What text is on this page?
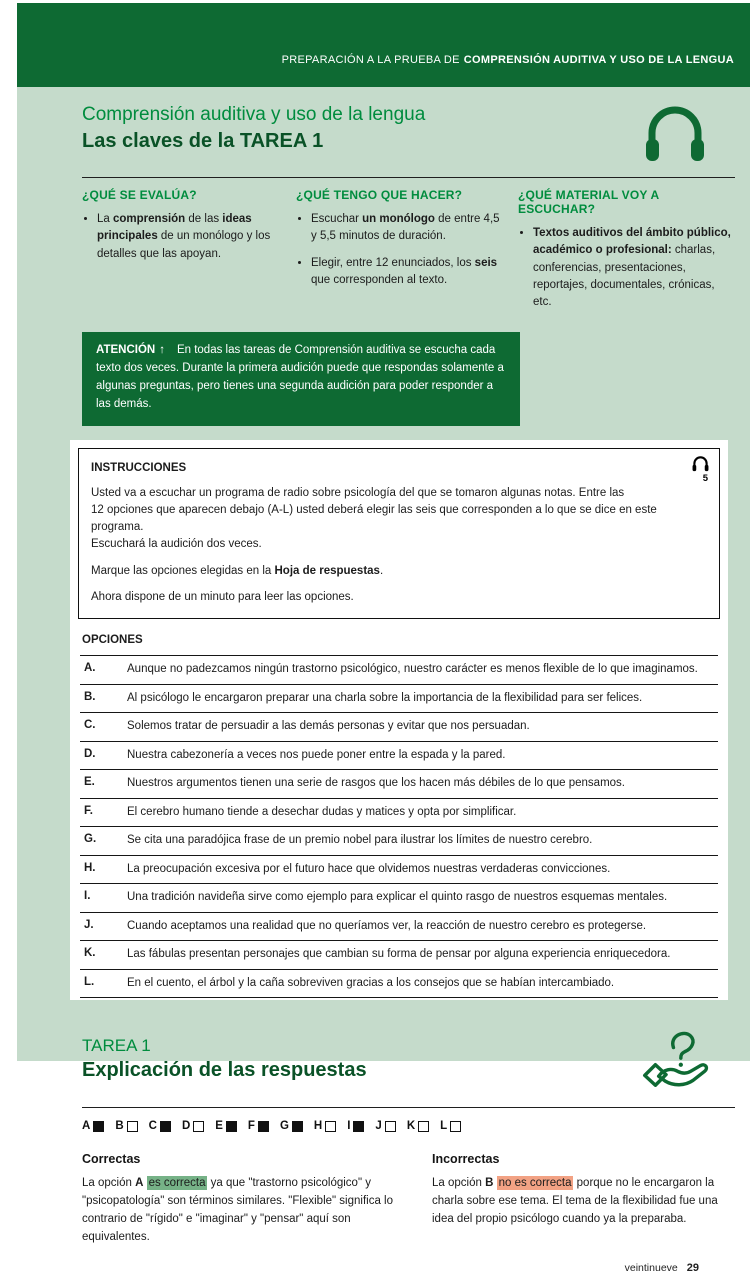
PREPARACIÓN A LA PRUEBA DE COMPRENSIÓN AUDITIVA Y USO DE LA LENGUA
Comprensión auditiva y uso de la lengua
Las claves de la TAREA 1
¿QUÉ SE EVALÚA?
• La comprensión de las ideas principales de un monólogo y los detalles que las apoyan.
¿QUÉ TENGO QUE HACER?
• Escuchar un monólogo de entre 4,5 y 5,5 minutos de duración.
• Elegir, entre 12 enunciados, los seis que corresponden al texto.
¿QUÉ MATERIAL VOY A ESCUCHAR?
• Textos auditivos del ámbito público, académico o profesional: charlas, conferencias, presentaciones, reportajes, documentales, crónicas, etc.
ATENCIÓN ↑ En todas las tareas de Comprensión auditiva se escucha cada texto dos veces. Durante la primera audición puede que respondas solamente a algunas preguntas, pero tienes una segunda audición para poder responder a las demás.
INSTRUCCIONES
5

Usted va a escuchar un programa de radio sobre psicología del que se tomaron algunas notas. Entre las
12 opciones que aparecen debajo (A-L) usted deberá elegir las seis que corresponden a lo que se dice en este programa.
Escuchará la audición dos veces.

Marque las opciones elegidas en la Hoja de respuestas.

Ahora dispone de un minuto para leer las opciones.

OPCIONES
A.	Aunque no padezcamos ningún trastorno psicológico, nuestro carácter es menos flexible de lo que imaginamos.
B.	Al psicólogo le encargaron preparar una charla sobre la importancia de la flexibilidad para ser felices.
C.	Solemos tratar de persuadir a las demás personas y evitar que nos persuadan.
D.	Nuestra cabezonería a veces nos puede poner entre la espada y la pared.
E.	Nuestros argumentos tienen una serie de rasgos que los hacen más débiles de lo que pensamos.
F.	El cerebro humano tiende a desechar dudas y matices y opta por simplificar.
G.	Se cita una paradójica frase de un premio nobel para ilustrar los límites de nuestro cerebro.
H.	La preocupación excesiva por el futuro hace que olvidemos nuestras verdaderas convicciones.
I.	Una tradición navideña sirve como ejemplo para explicar el quinto rasgo de nuestros esquemas mentales.
J.	Cuando aceptamos una realidad que no queríamos ver, la reacción de nuestro cerebro es protegerse.
K.	Las fábulas presentan personajes que cambian su forma de pensar por alguna experiencia enriquecedora.
L.	En el cuento, el árbol y la caña sobreviven gracias a los consejos que se habían intercambiado.
TAREA 1
Explicación de las respuestas
A B C D E F G H I J K L
Correctas

La opción A es correcta ya que "trastorno psicológico" y "psicopatología" son términos similares. "Flexible" significa lo contrario de "rígido" e "imaginar" y "pensar" aquí son equivalentes.

Incorrectas

La opción B no es correcta porque no le encargaron la charla sobre ese tema. El tema de la flexibilidad fue una idea del propio psicólogo cuando ya la preparaba.

veintinueve 29
